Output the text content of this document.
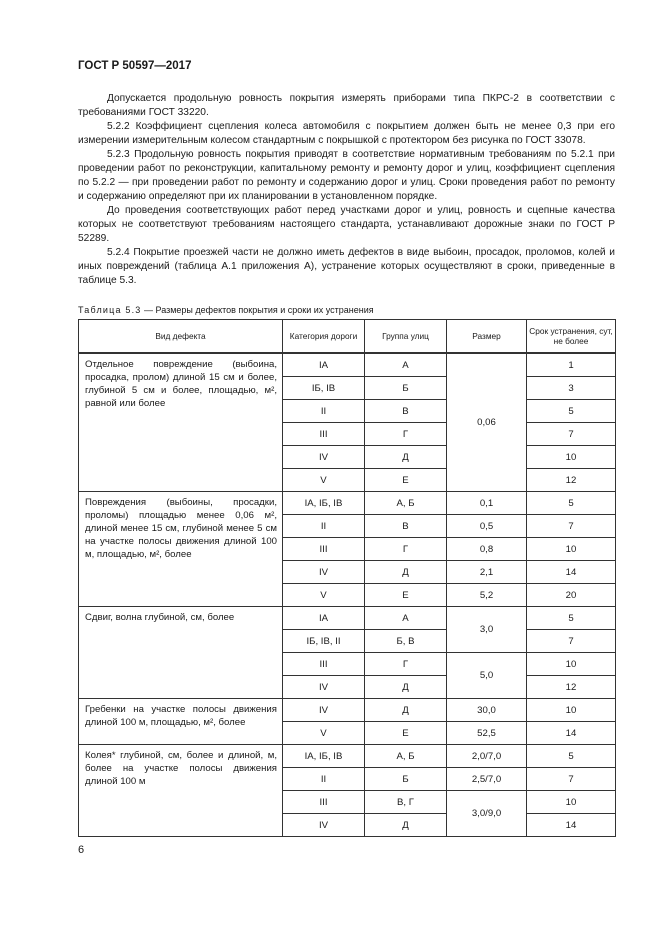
ГОСТ Р 50597—2017

Допускается продольную ровность покрытия измерять приборами типа ПКРС-2 в соответствии с требованиями ГОСТ 33220.

5.2.2 Коэффициент сцепления колеса автомобиля с покрытием должен быть не менее 0,3 при его измерении измерительным колесом стандартным с покрышкой с протектором без рисунка по ГОСТ 33078.

5.2.3 Продольную ровность покрытия приводят в соответствие нормативным требованиям по 5.2.1 при проведении работ по реконструкции, капитальному ремонту и ремонту дорог и улиц, коэффициент сцепления по 5.2.2 — при проведении работ по ремонту и содержанию дорог и улиц. Сроки проведения работ по ремонту и содержанию определяют при их планировании в установленном порядке.

До проведения соответствующих работ перед участками дорог и улиц, ровность и сцепные качества которых не соответствуют требованиям настоящего стандарта, устанавливают дорожные знаки по ГОСТ Р 52289.

5.2.4 Покрытие проезжей части не должно иметь дефектов в виде выбоин, просадок, проломов, колей и иных повреждений (таблица А.1 приложения А), устранение которых осуществляют в сроки, приведенные в таблице 5.3.

Таблица 5.3 — Размеры дефектов покрытия и сроки их устранения
Вид дефекта	Категория дороги	Группа улиц	Размер	Срок устранения, сут, не более
Отдельное повреждение (выбоина, просадка, пролом) длиной 15 см и более, глубиной 5 см и более, площадью, м², равной или более	IА	А	0,06	1
	IБ, IВ	Б		3
	II	В		5
	III	Г		7
	IV	Д		10
	V	Е		12
Повреждения (выбоины, просадки, проломы) площадью менее 0,06 м², длиной менее 15 см, глубиной менее 5 см на участке полосы движения длиной 100 м, площадью, м², более	IА, IБ, IВ	А, Б	0,1	5
	II	В	0,5	7
	III	Г	0,8	10
	IV	Д	2,1	14
	V	Е	5,2	20
Сдвиг, волна глубиной, см, более	IА	А	3,0	5
	IБ, IВ, II	Б, В		7
	III	Г	5,0	10
	IV	Д		12
Гребенки на участке полосы движения длиной 100 м, площадью, м², более	IV	Д	30,0	10
	V	Е	52,5	14
Колея* глубиной, см, более и длиной, м, более на участке полосы движения длиной 100 м	IА, IБ, IВ	А, Б	2,0/7,0	5
	II	Б	2,5/7,0	7
	III	В, Г	3,0/9,0	10
	IV	Д		14
6
